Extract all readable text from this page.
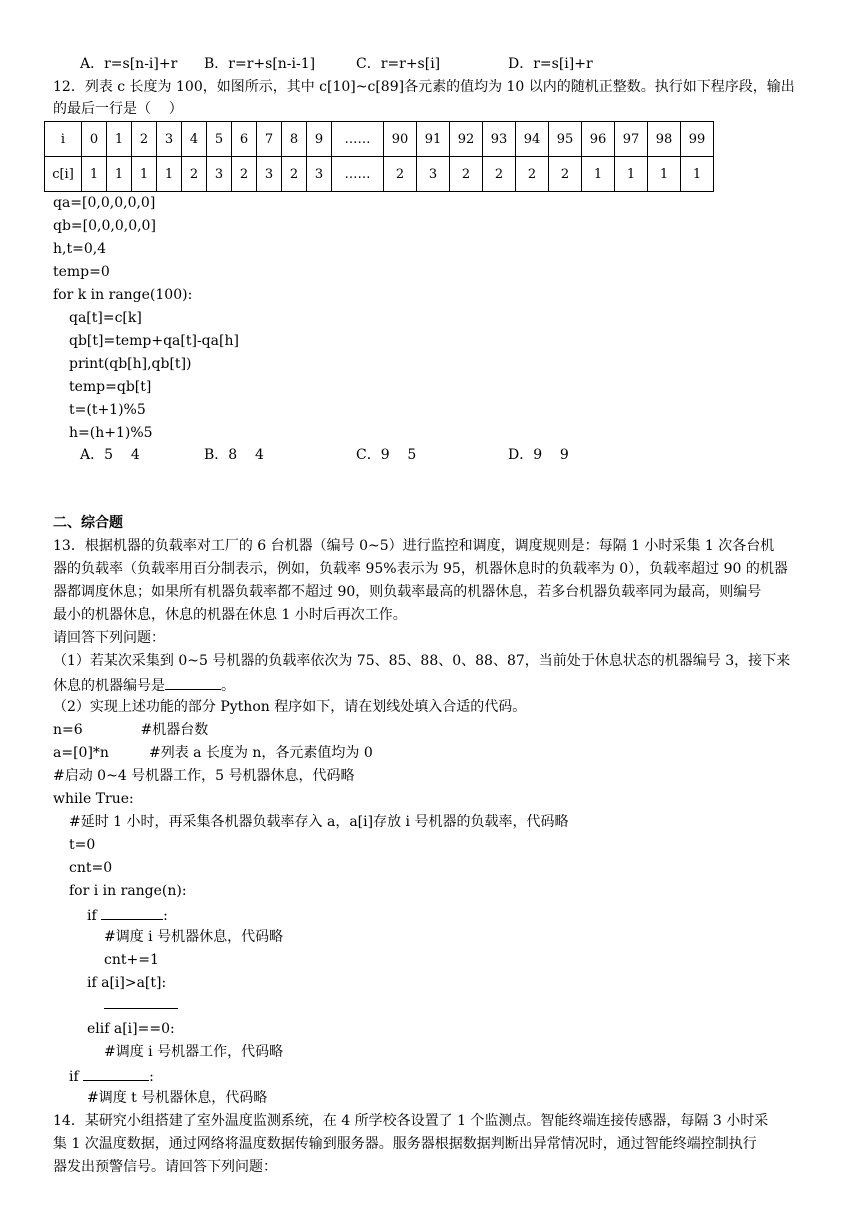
A．r=s[n-i]+r B．r=r+s[n-i-1]	C．r=r+s[i]	D．r=s[i]+r
12．列表 c 长度为 100，如图所示，其中 c[10]~c[89]各元素的值均为 10 以内的随机正整数。执行如下程序段，输出
的最后一行是（    ）
i	0	1	2	3	4	5	6	7	8	9	……	90	91	92	93	94	95	96	97	98	99
c[i]	1	1	1	1	2	3	2	3	2	3	……	2	3	2	2	2	2	1	1	1	1
qa=[0,0,0,0,0]
qb=[0,0,0,0,0]
h,t=0,4
temp=0
for k in range(100):
qa[t]=c[k]
qb[t]=temp+qa[t]-qa[h]
print(qb[h],qb[t])
temp=qb[t]
t=(t+1)%5
h=(h+1)%5
A．5    4	B．8    4	C．9    5	D．9    9
二、综合题
13．根据机器的负载率对工厂的 6 台机器（编号 0~5）进行监控和调度，调度规则是：每隔 1 小时采集 1 次各台机
器的负载率（负载率用百分制表示，例如，负载率 95%表示为 95，机器休息时的负载率为 0），负载率超过 90 的机器
器都调度休息；如果所有机器负载率都不超过 90，则负载率最高的机器休息，若多台机器负载率同为最高，则编号
最小的机器休息，休息的机器在休息 1 小时后再次工作。
请回答下列问题：
（1）若某次采集到 0~5 号机器的负载率依次为 75、85、88、0、88、87，当前处于休息状态的机器编号 3，接下来
休息的机器编号是	。
（2）实现上述功能的部分 Python 程序如下，请在划线处填入合适的代码。
n=6             #机器台数
a=[0]*n         #列表 a 长度为 n，各元素值均为 0
#启动 0~4 号机器工作，5 号机器休息，代码略
while True:
#延时 1 小时，再采集各机器负载率存入 a，a[i]存放 i 号机器的负载率，代码略
t=0
cnt=0
for i in range(n):
if	:
#调度 i 号机器休息，代码略
cnt+=1
if a[i]>a[t]:
elif a[i]==0:
#调度 i 号机器工作，代码略
if	:
#调度 t 号机器休息，代码略
14．某研究小组搭建了室外温度监测系统，在 4 所学校各设置了 1 个监测点。智能终端连接传感器，每隔 3 小时采
集 1 次温度数据，通过网络将温度数据传输到服务器。服务器根据数据判断出异常情况时，通过智能终端控制执行
器发出预警信号。请回答下列问题：
